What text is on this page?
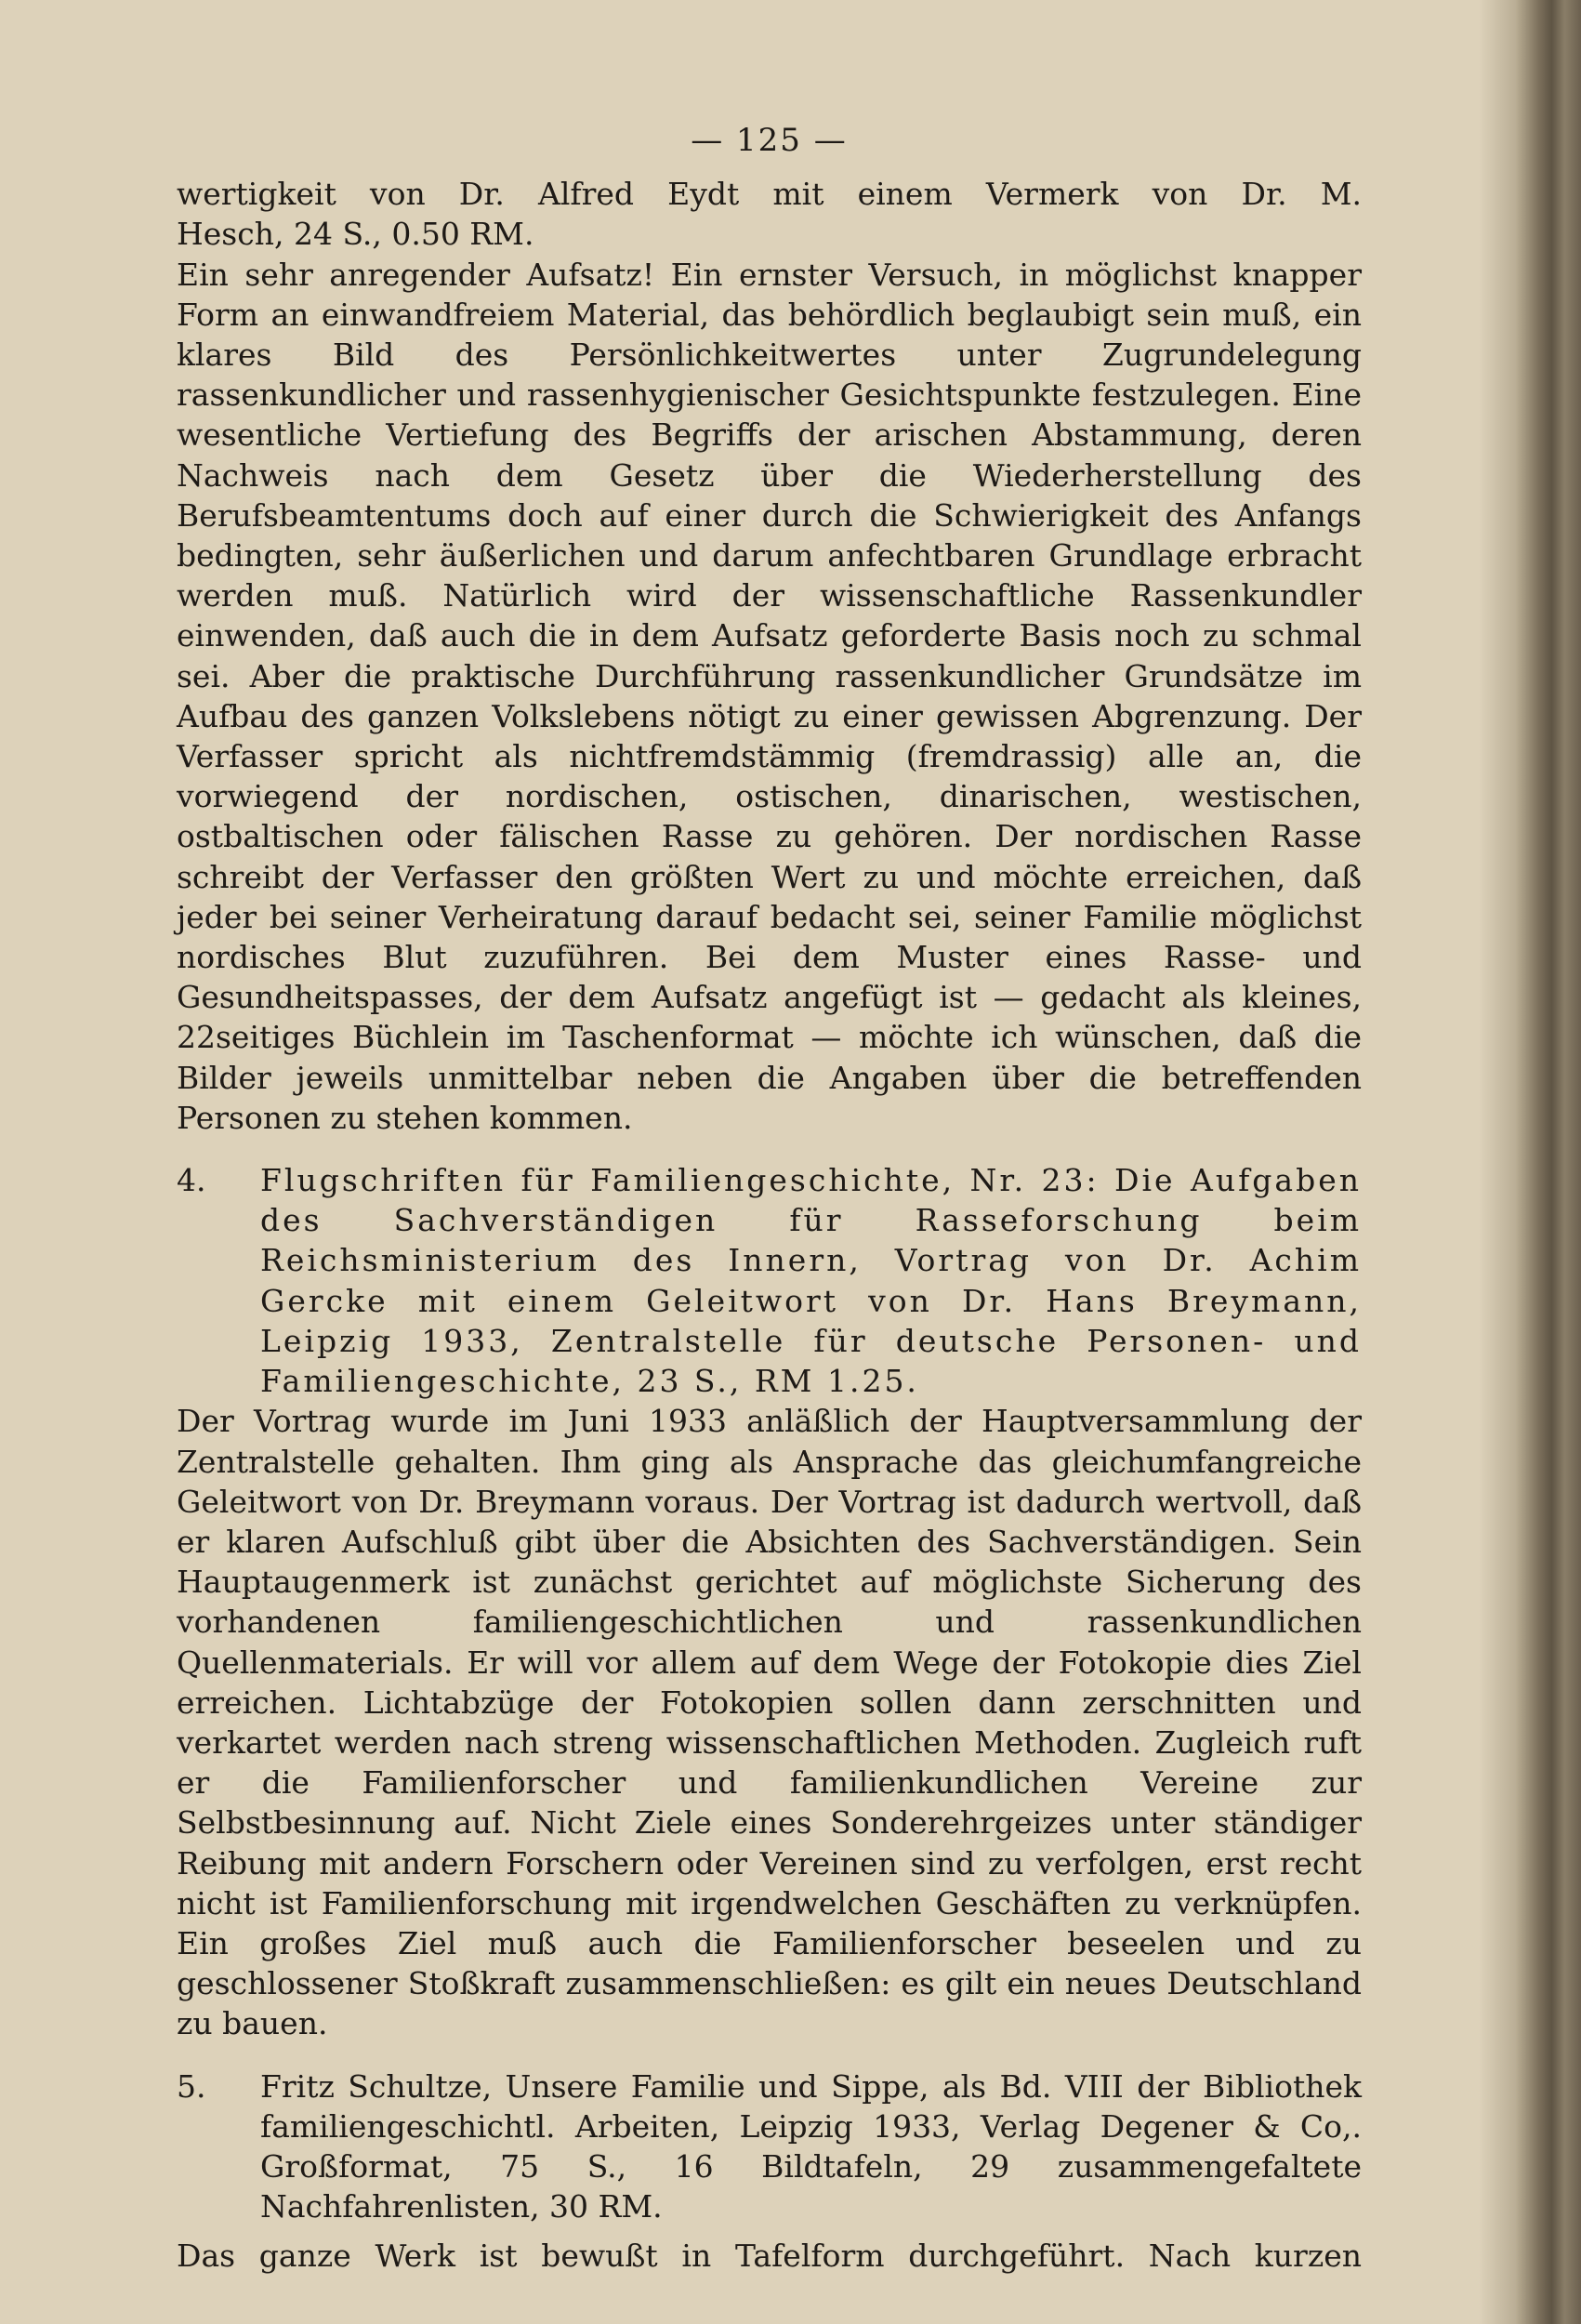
— 125 —

wertigkeit von Dr. Alfred Eydt mit einem Vermerk von Dr. M.

Hesch, 24 S., 0.50 RM.

Ein sehr anregender Aufsatz! Ein ernster Versuch, in möglichst knapper Form an einwandfreiem Material, das behördlich beglaubigt sein muß, ein klares Bild des Persönlichkeitwertes unter Zugrundelegung rassenkundlicher und rassenhygienischer Gesichtspunkte festzulegen. Eine wesentliche Vertiefung des Begriffs der arischen Abstammung, deren Nachweis nach dem Gesetz über die Wiederherstellung des Berufsbeamtentums doch auf einer durch die Schwierigkeit des Anfangs bedingten, sehr äußerlichen und darum anfechtbaren Grundlage erbracht werden muß. Natürlich wird der wissenschaftliche Rassenkundler einwenden, daß auch die in dem Aufsatz geforderte Basis noch zu schmal sei. Aber die praktische Durchführung rassenkundlicher Grundsätze im Aufbau des ganzen Volkslebens nötigt zu einer gewissen Abgrenzung. Der Verfasser spricht als nichtfremdstämmig (fremdrassig) alle an, die vorwiegend der nordischen, ostischen, dinarischen, westischen, ostbaltischen oder fälischen Rasse zu gehören. Der nordischen Rasse schreibt der Verfasser den größten Wert zu und möchte erreichen, daß jeder bei seiner Verheiratung darauf bedacht sei, seiner Familie möglichst nordisches Blut zuzuführen. Bei dem Muster eines Rasse- und Gesundheitspasses, der dem Aufsatz angefügt ist — gedacht als kleines, 22seitiges Büchlein im Taschenformat — möchte ich wünschen, daß die Bilder jeweils unmittelbar neben die Angaben über die betreffenden Personen zu stehen kommen.

4. Flugschriften für Familiengeschichte, Nr. 23: Die Aufgaben des Sachverständigen für Rasseforschung beim Reichsministerium des Innern, Vortrag von Dr. Achim Gercke mit einem Geleitwort von Dr. Hans Breymann, Leipzig 1933, Zentralstelle für deutsche Personen- und Familiengeschichte, 23 S., RM 1.25.

Der Vortrag wurde im Juni 1933 anläßlich der Hauptversammlung der Zentralstelle gehalten. Ihm ging als Ansprache das gleichumfangreiche Geleitwort von Dr. Breymann voraus. Der Vortrag ist dadurch wertvoll, daß er klaren Aufschluß gibt über die Absichten des Sachverständigen. Sein Hauptaugenmerk ist zunächst gerichtet auf möglichste Sicherung des vorhandenen familiengeschichtlichen und rassenkundlichen Quellenmaterials. Er will vor allem auf dem Wege der Fotokopie dies Ziel erreichen. Lichtabzüge der Fotokopien sollen dann zerschnitten und verkartet werden nach streng wissenschaftlichen Methoden. Zugleich ruft er die Familienforscher und familienkundlichen Vereine zur Selbstbesinnung auf. Nicht Ziele eines Sonderehrgeizes unter ständiger Reibung mit andern Forschern oder Vereinen sind zu verfolgen, erst recht nicht ist Familienforschung mit irgendwelchen Geschäften zu verknüpfen. Ein großes Ziel muß auch die Familienforscher beseelen und zu geschlossener Stoßkraft zusammenschließen: es gilt ein neues Deutschland zu bauen.

5. Fritz Schultze, Unsere Familie und Sippe, als Bd. VIII der Bibliothek familiengeschichtl. Arbeiten, Leipzig 1933, Verlag Degener & Co,. Großformat, 75 S., 16 Bildtafeln, 29 zusammengefaltete Nachfahrenlisten, 30 RM.

Das ganze Werk ist bewußt in Tafelform durchgeführt. Nach kurzen
